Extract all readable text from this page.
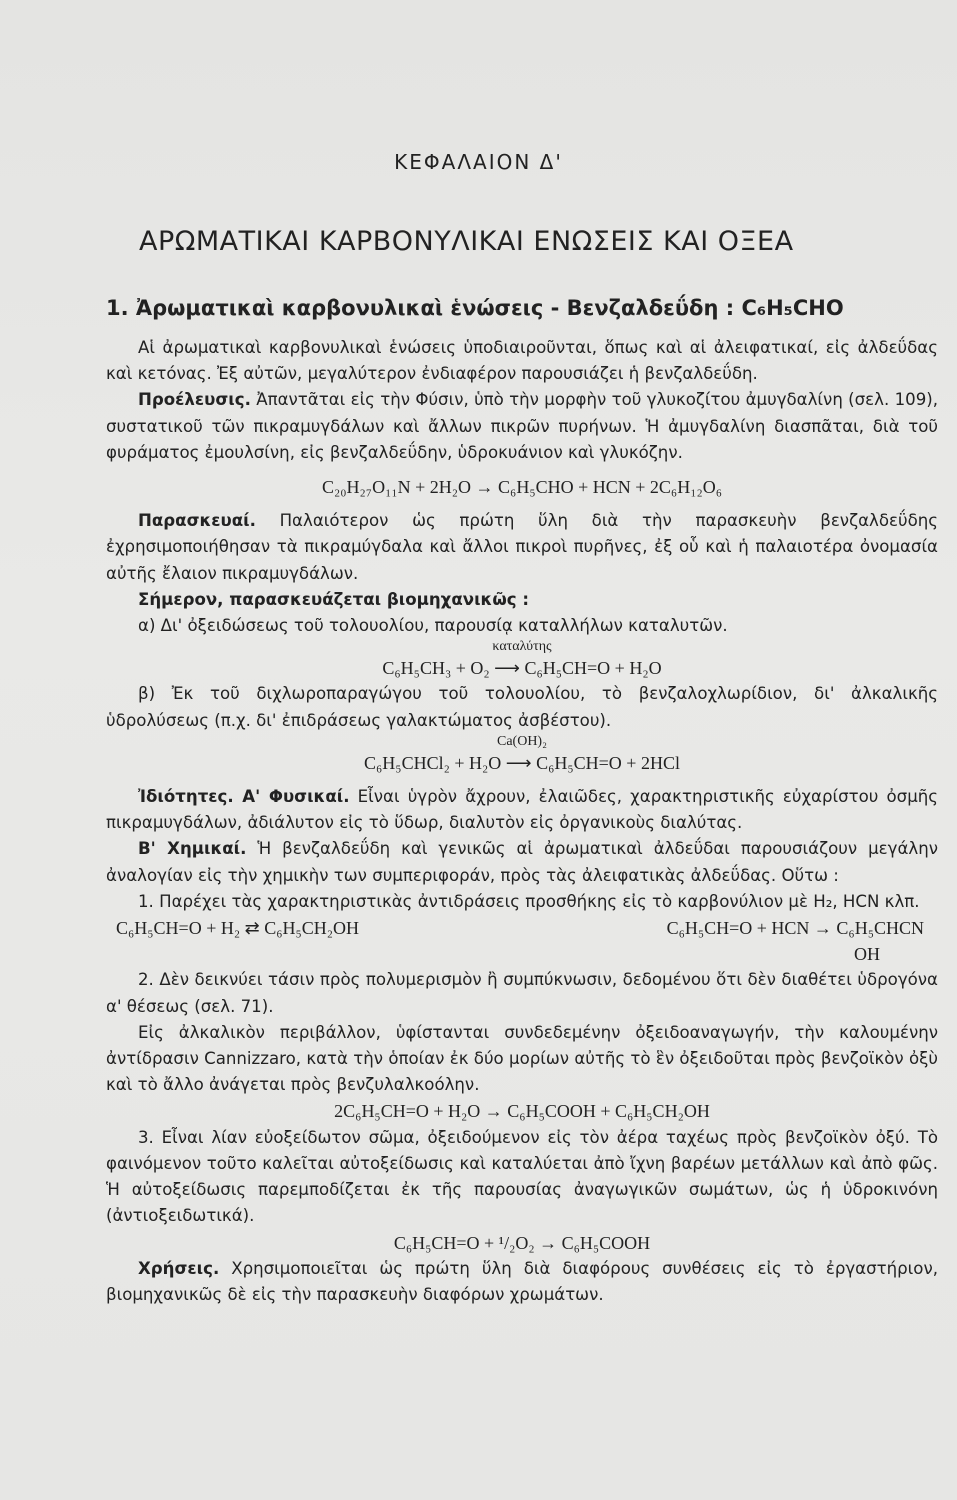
ΚΕΦΑΛΑΙΟΝ Δ'
ΑΡΩΜΑΤΙΚΑΙ ΚΑΡΒΟΝΥΛΙΚΑΙ ΕΝΩΣΕΙΣ ΚΑΙ ΟΞΕΑ
1. Ἀρωματικαὶ καρβονυλικαὶ ἑνώσεις - Βενζαλδεΰδη : C₆H₅CHO

Αἱ ἀρωματικαὶ καρβονυλικαὶ ἑνώσεις ὑποδιαιροῦνται, ὅπως καὶ αἱ ἀλειφατικαί, εἰς ἀλδεΰδας καὶ κετόνας. Ἐξ αὐτῶν, μεγαλύτερον ἐνδιαφέρον παρουσιάζει ἡ βενζαλδεΰδη.

Προέλευσις. Ἀπαντᾶται εἰς τὴν Φύσιν, ὑπὸ τὴν μορφὴν τοῦ γλυκοζίτου ἀμυγδαλίνη (σελ. 109), συστατικοῦ τῶν πικραμυγδάλων καὶ ἄλλων πικρῶν πυρήνων. Ἡ ἀμυγδαλίνη διασπᾶται, διὰ τοῦ φυράματος ἐμουλσίνη, εἰς βενζαλδεΰδην, ὑδροκυάνιον καὶ γλυκόζην.

C₂₀H₂₇O₁₁N + 2H₂O → C₆H₅CHO + HCN + 2C₆H₁₂O₆

Παρασκευαί. Παλαιότερον ὡς πρώτη ὕλη διὰ τὴν παρασκευὴν βενζαλδεΰδης ἐχρησιμοποιήθησαν τὰ πικραμύγδαλα καὶ ἄλλοι πικροὶ πυρῆνες, ἐξ οὗ καὶ ἡ παλαιοτέρα ὀνομασία αὐτῆς ἔλαιον πικραμυγδάλων.

Σήμερον, παρασκευάζεται βιομηχανικῶς :

α) Δι' ὀξειδώσεως τοῦ τολουολίου, παρουσίᾳ καταλλήλων καταλυτῶν.

καταλύτης
C₆H₅CH₃ + O₂ ⟶ C₆H₅CH=O + H₂O

β) Ἐκ τοῦ διχλωροπαραγώγου τοῦ τολουολίου, τὸ βενζαλοχλωρίδιον, δι' ἀλκαλικῆς ὑδρολύσεως (π.χ. δι' ἐπιδράσεως γαλακτώματος ἀσβέστου).

Ca(OH)₂
C₆H₅CHCl₂ + H₂O ⟶ C₆H₅CH=O + 2HCl

Ἰδιότητες. Α' Φυσικαί. Εἶναι ὑγρὸν ἄχρουν, ἐλαιῶδες, χαρακτηριστικῆς εὐχαρίστου ὀσμῆς πικραμυγδάλων, ἀδιάλυτον εἰς τὸ ὕδωρ, διαλυτὸν εἰς ὀργανικοὺς διαλύτας.

Β' Χημικαί. Ἡ βενζαλδεΰδη καὶ γενικῶς αἱ ἀρωματικαὶ ἀλδεΰδαι παρουσιάζουν μεγάλην ἀναλογίαν εἰς τὴν χημικὴν των συμπεριφοράν, πρὸς τὰς ἀλειφατικὰς ἀλδεΰδας. Οὕτω :

1. Παρέχει τὰς χαρακτηριστικὰς ἀντιδράσεις προσθήκης εἰς τὸ καρβονύλιον μὲ H₂, HCN κλπ.

C₆H₅CH=O + H₂ ⇄ C₆H₅CH₂OH	C₆H₅CH=O + HCN → C₆H₅CHCN
OH

2. Δὲν δεικνύει τάσιν πρὸς πολυμερισμὸν ἢ συμπύκνωσιν, δεδομένου ὅτι δὲν διαθέτει ὑδρογόνα α' θέσεως (σελ. 71).

Εἰς ἀλκαλικὸν περιβάλλον, ὑφίστανται συνδεδεμένην ὀξειδοαναγωγήν, τὴν καλουμένην ἀντίδρασιν Cannizzaro, κατὰ τὴν ὁποίαν ἐκ δύο μορίων αὐτῆς τὸ ἓν ὀξειδοῦται πρὸς βενζοϊκὸν ὀξὺ καὶ τὸ ἄλλο ἀνάγεται πρὸς βενζυλαλκοόλην.

2C₆H₅CH=O + H₂O → C₆H₅COOH + C₆H₅CH₂OH

3. Εἶναι λίαν εὐοξείδωτον σῶμα, ὀξειδούμενον εἰς τὸν ἀέρα ταχέως πρὸς βενζοϊκὸν ὀξύ. Τὸ φαινόμενον τοῦτο καλεῖται αὐτοξείδωσις καὶ καταλύεται ἀπὸ ἴχνη βαρέων μετάλλων καὶ ἀπὸ φῶς. Ἡ αὐτοξείδωσις παρεμποδίζεται ἐκ τῆς παρουσίας ἀναγωγικῶν σωμάτων, ὡς ἡ ὑδροκινόνη (ἀντιοξειδωτικά).

C₆H₅CH=O + ¹/₂O₂ → C₆H₅COOH

Χρήσεις. Χρησιμοποιεῖται ὡς πρώτη ὕλη διὰ διαφόρους συνθέσεις εἰς τὸ ἐργαστήριον, βιομηχανικῶς δὲ εἰς τὴν παρασκευὴν διαφόρων χρωμάτων.
